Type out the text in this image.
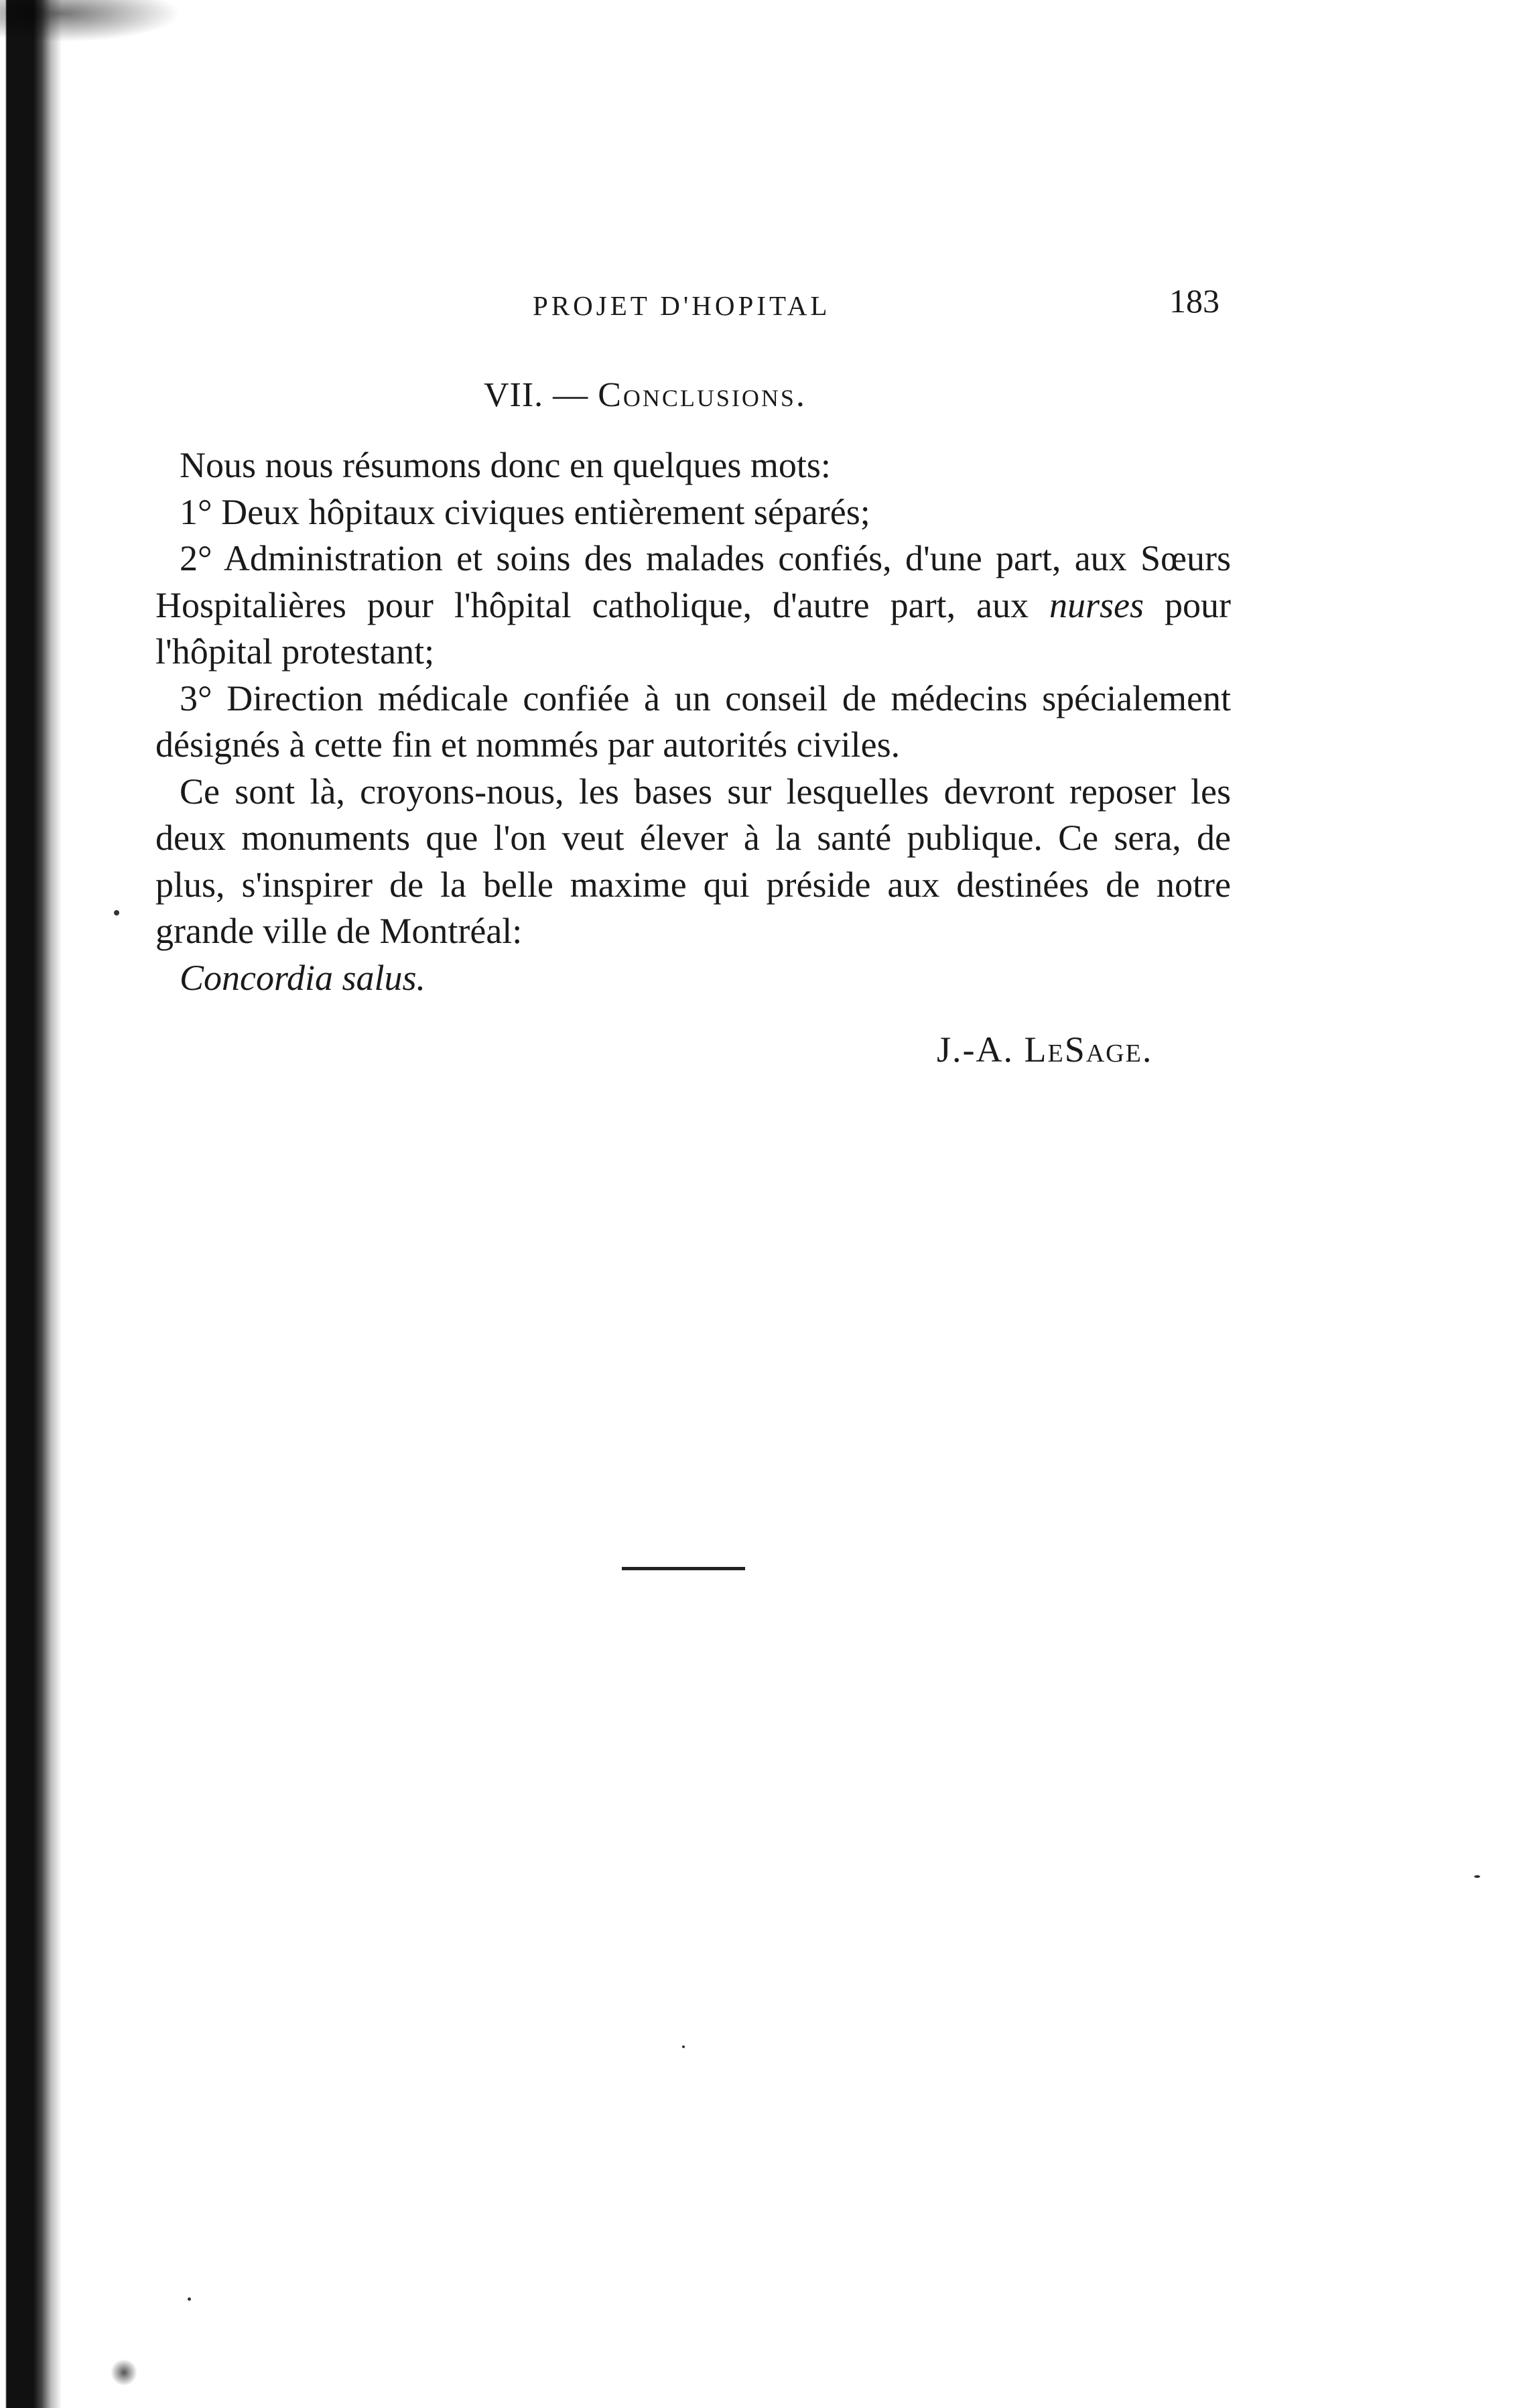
PROJET D'HOPITAL	183
VII. — Conclusions.

Nous nous résumons donc en quelques mots:

1° Deux hôpitaux civiques entièrement séparés;

2° Administration et soins des malades confiés, d'une part, aux Sœurs Hospitalières pour l'hôpital catholique, d'autre part, aux nurses pour l'hôpital protestant;

3° Direction médicale confiée à un conseil de médecins spécialement désignés à cette fin et nommés par autorités civiles.

Ce sont là, croyons-nous, les bases sur lesquelles devront reposer les deux monuments que l'on veut élever à la santé publique. Ce sera, de plus, s'inspirer de la belle maxime qui préside aux destinées de notre grande ville de Montréal:

Concordia salus.

J.-A. LeSage.
